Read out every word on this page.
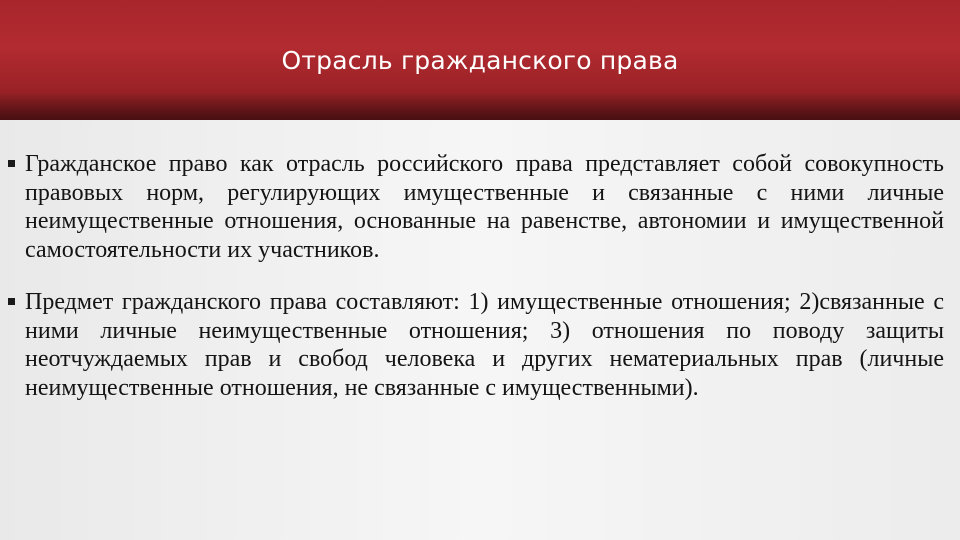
Отрасль гражданского права
Гражданское право как отрасль российского права представляет собой совокупность правовых норм, регулирующих имущественные и связанные с ними личные неимущественные отношения, основанные на равенстве, автономии и имущественной самостоятельности их участников.
Предмет гражданского права составляют: 1) имущественные отношения; 2)связанные с ними личные неимущественные отношения; 3) отношения по поводу защиты неотчуждаемых прав и свобод человека и других нематериальных прав (личные неимущественные отношения, не связанные с имущественными).
